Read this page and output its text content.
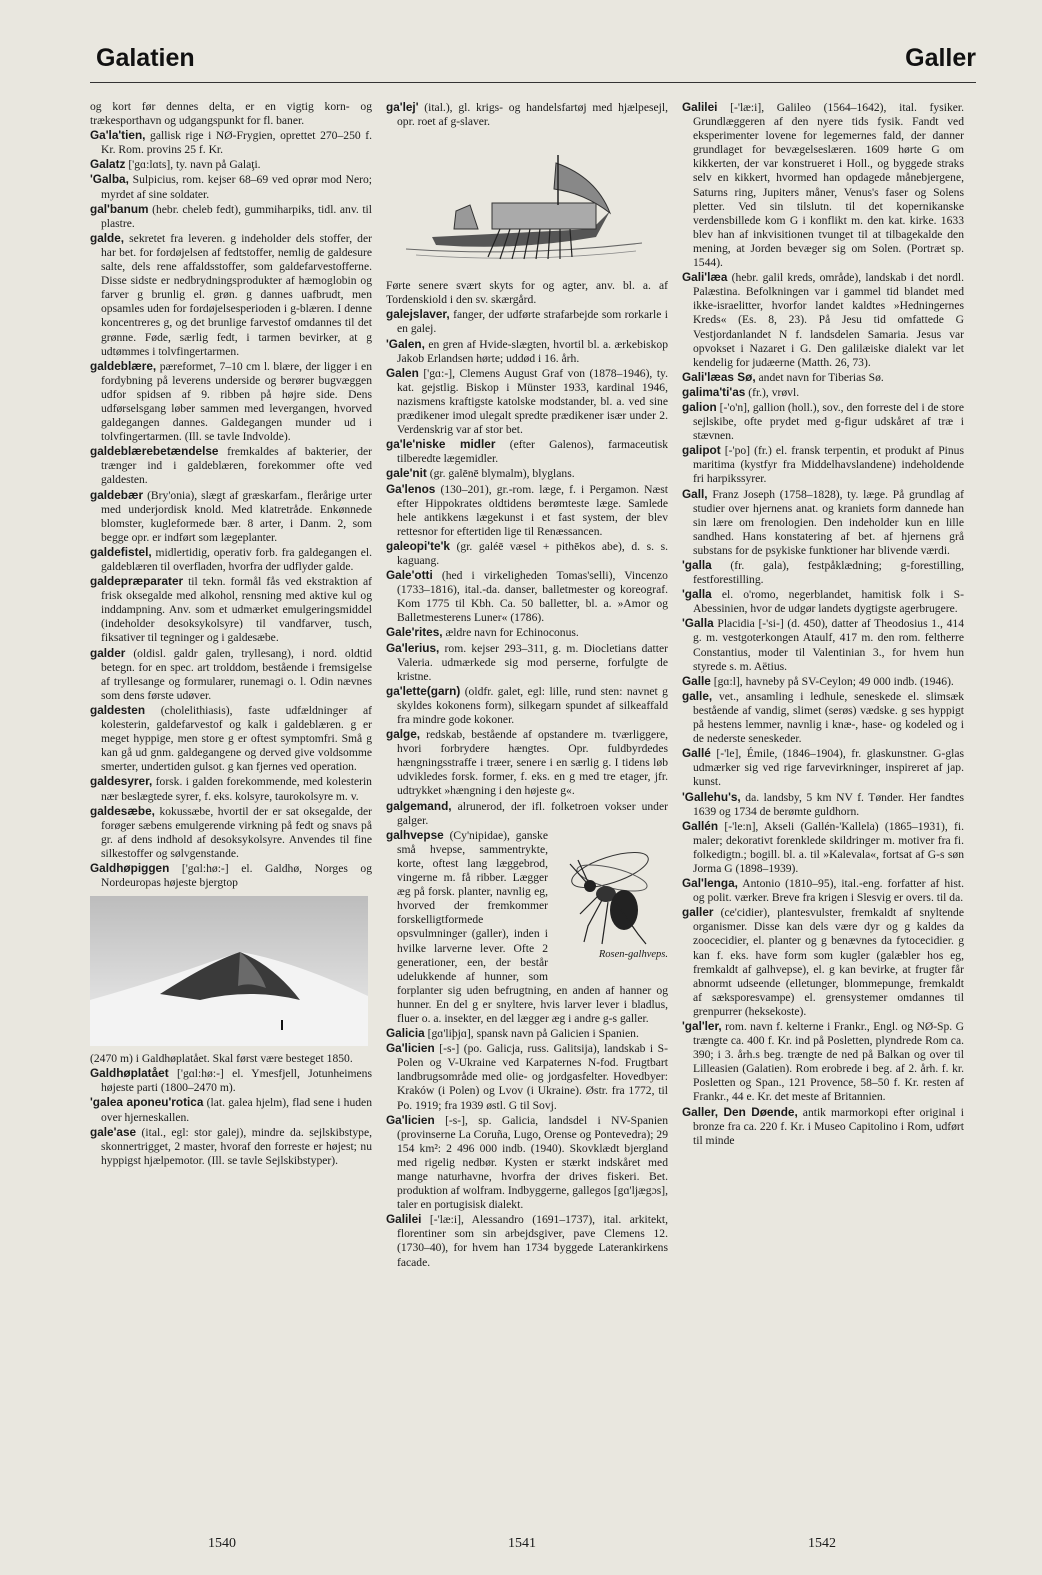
Galatien	Galler

og kort før dennes delta, er en vigtig korn- og trækesporthavn og udgangspunkt for fl. baner.

Ga'la'tien, gallisk rige i NØ-Frygien, oprettet 270–250 f. Kr. Rom. provins 25 f. Kr.

Galatz ['gɑ:lɑts], ty. navn på Galaţi.

'Galba, Sulpicius, rom. kejser 68–69 ved oprør mod Nero; myrdet af sine soldater.

gal'banum (hebr. cheleb fedt), gummiharpiks, tidl. anv. til plastre.

galde, sekretet fra leveren. g indeholder dels stoffer, der har bet. for fordøjelsen af fedtstoffer, nemlig de galdesure salte, dels rene affaldsstoffer, som galdefarvestofferne. Disse sidste er nedbrydningsprodukter af hæmoglobin og farver g brunlig el. grøn. g dannes uafbrudt, men opsamles uden for fordøjelsesperioden i g-blæren. I denne koncentreres g, og det brunlige farvestof omdannes til det grønne. Føde, særlig fedt, i tarmen bevirker, at g udtømmes i tolvfingertarmen.

galdeblære, pæreformet, 7–10 cm l. blære, der ligger i en fordybning på leverens underside og berører bugvæggen udfor spidsen af 9. ribben på højre side. Dens udførselsgang løber sammen med levergangen, hvorved galdegangen dannes. Galdegangen munder ud i tolvfingertarmen. (Ill. se tavle Indvolde).

galdeblærebetændelse fremkaldes af bakterier, der trænger ind i galdeblæren, forekommer ofte ved galdesten.

galdebær (Bry'onia), slægt af græskarfam., flerårige urter med underjordisk knold. Med klatretråde. Enkønnede blomster, kugleformede bær. 8 arter, i Danm. 2, som begge opr. er indført som lægeplanter.

galdefistel, midlertidig, operativ forb. fra galdegangen el. galdeblæren til overfladen, hvorfra der udflyder galde.

galdepræparater til tekn. formål fås ved ekstraktion af frisk oksegalde med alkohol, rensning med aktive kul og inddampning. Anv. som et udmærket emulgeringsmiddel (indeholder desoksykolsyre) til vandfarver, tusch, fiksativer til tegninger og i galdesæbe.

galder (oldisl. galdr galen, tryllesang), i nord. oldtid betegn. for en spec. art trolddom, bestående i fremsigelse af tryllesange og formularer, runemagi o. l. Odin nævnes som dens første udøver.

galdesten (cholelithiasis), faste udfældninger af kolesterin, galdefarvestof og kalk i galdeblæren. g er meget hyppige, men store g er oftest symptomfri. Små g kan gå ud gnm. galdegangene og derved give voldsomme smerter, undertiden gulsot. g kan fjernes ved operation.

galdesyrer, forsk. i galden forekommende, med kolesterin nær beslægtede syrer, f. eks. kolsyre, taurokolsyre m. v.

galdesæbe, kokussæbe, hvortil der er sat oksegalde, der forøger sæbens emulgerende virkning på fedt og snavs på gr. af dens indhold af desoksykolsyre. Anvendes til fine silkestoffer og sølvgenstande.

Galdhøpiggen ['gɑl:hø:-] el. Galdhø, Norges og Nordeuropas højeste bjergtop

(2470 m) i Galdhøplatået. Skal først være besteget 1850.

Galdhøplatået ['gɑl:hø:-] el. Ymesfjell, Jotunheimens højeste parti (1800–2470 m).

'galea aponeu'rotica (lat. galea hjelm), flad sene i huden over hjerneskallen.

gale'ase (ital., egl: stor galej), mindre da. sejlskibstype, skonnertrigget, 2 master, hvoraf den forreste er højest; nu hyppigst hjælpemotor. (Ill. se tavle Sejlskibstyper).

ga'lej' (ital.), gl. krigs- og handelsfartøj med hjælpesejl, opr. roet af g-slaver.

Førte senere svært skyts for og agter, anv. bl. a. af Tordenskiold i den sv. skærgård.

galejslaver, fanger, der udførte strafarbejde som rorkarle i en galej.

'Galen, en gren af Hvide-slægten, hvortil bl. a. ærkebiskop Jakob Erlandsen hørte; uddød i 16. årh.

Galen ['gɑ:-], Clemens August Graf von (1878–1946), ty. kat. gejstlig. Biskop i Münster 1933, kardinal 1946, nazismens kraftigste katolske modstander, bl. a. ved sine prædikener imod ulegalt spredte prædikener især under 2. Verdenskrig var af stor bet.

ga'le'niske midler (efter Galenos), farmaceutisk tilberedte lægemidler.

gale'nit (gr. galēnē blymalm), blyglans.

Ga'lenos (130–201), gr.-rom. læge, f. i Pergamon. Næst efter Hippokrates oldtidens berømteste læge. Samlede hele antikkens lægekunst i et fast system, der blev rettesnor for eftertiden lige til Renæssancen.

galeopi'te'k (gr. galéē væsel + pithēkos abe), d. s. s. kaguang.

Gale'otti (hed i virkeligheden Tomas'selli), Vincenzo (1733–1816), ital.-da. danser, balletmester og koreograf. Kom 1775 til Kbh. Ca. 50 balletter, bl. a. »Amor og Balletmesterens Luner« (1786).

Gale'rites, ældre navn for Echinoconus.

Ga'lerius, rom. kejser 293–311, g. m. Diocletians datter Valeria. udmærkede sig mod perserne, forfulgte de kristne.

ga'lette(garn) (oldfr. galet, egl: lille, rund sten: navnet g skyldes kokonens form), silkegarn spundet af silkeaffald fra mindre gode kokoner.

galge, redskab, bestående af opstandere m. tværliggere, hvori forbrydere hængtes. Opr. fuldbyrdedes hængningsstraffe i træer, senere i en særlig g. I tidens løb udvikledes forsk. former, f. eks. en g med tre etager, jfr. udtrykket »hængning i den højeste g«.

galgemand, alrunerod, der ifl. folketroen vokser under galger.

Rosen-galhveps.
galhvepse (Cy'nipidae), ganske små hvepse, sammentrykte, korte, oftest lang læggebrod, vingerne m. få ribber. Lægger æg på forsk. planter, navnlig eg, hvorved der fremkommer forskelligtformede opsvulmninger (galler), inden i hvilke larverne lever. Ofte 2 generationer, een, der består udelukkende af hunner, som forplanter sig uden befrugtning, en anden af hanner og hunner. En del g er snyltere, hvis larver lever i bladlus, fluer o. a. insekter, en del lægger æg i andre g-s galler.

Galicia [gɑ'liþjɑ], spansk navn på Galicien i Spanien.

Ga'licien [-s-] (po. Galicja, russ. Galitsija), landskab i S-Polen og V-Ukraine ved Karpaternes N-fod. Frugtbart landbrugsområde med olie- og jordgasfelter. Hovedbyer: Kraków (i Polen) og Lvov (i Ukraine). Østr. fra 1772, til Po. 1919; fra 1939 østl. G til Sovj.

Ga'licien [-s-], sp. Galicia, landsdel i NV-Spanien (provinserne La Coruña, Lugo, Orense og Pontevedra); 29 154 km²: 2 496 000 indb. (1940). Skovklædt bjergland med rigelig nedbør. Kysten er stærkt indskåret med mange naturhavne, hvorfra der drives fiskeri. Bet. produktion af wolfram. Indbyggerne, gallegos [gɑ'ljægɔs], taler en portugisisk dialekt.

Galilei [-'læ:i], Alessandro (1691–1737), ital. arkitekt, florentiner som sin arbejdsgiver, pave Clemens 12. (1730–40), for hvem han 1734 byggede Laterankirkens facade.

Galilei [-'læ:i], Galileo (1564–1642), ital. fysiker. Grundlæggeren af den nyere tids fysik. Fandt ved eksperimenter lovene for legemernes fald, der danner grundlaget for bevægelseslæren. 1609 hørte G om kikkerten, der var konstrueret i Holl., og byggede straks selv en kikkert, hvormed han opdagede månebjergene, Saturns ring, Jupiters måner, Venus's faser og Solens pletter. Ved sin tilslutn. til det kopernikanske verdensbillede kom G i konflikt m. den kat. kirke. 1633 blev han af inkvisitionen tvunget til at tilbagekalde den mening, at Jorden bevæger sig om Solen. (Portræt sp. 1544).

Gali'læa (hebr. galil kreds, område), landskab i det nordl. Palæstina. Befolkningen var i gammel tid blandet med ikke-israelitter, hvorfor landet kaldtes »Hedningernes Kreds« (Es. 8, 23). På Jesu tid omfattede G Vestjordanlandet N f. landsdelen Samaria. Jesus var opvokset i Nazaret i G. Den galilæiske dialekt var let kendelig for judæerne (Matth. 26, 73).

Gali'læas Sø, andet navn for Tiberias Sø.

galima'ti'as (fr.), vrøvl.

galion [-'o'n], gallion (holl.), sov., den forreste del i de store sejlskibe, ofte prydet med g-figur udskåret af træ i stævnen.

galipot [-'po] (fr.) el. fransk terpentin, et produkt af Pinus maritima (kystfyr fra Middelhavslandene) indeholdende fri harpikssyrer.

Gall, Franz Joseph (1758–1828), ty. læge. På grundlag af studier over hjernens anat. og kraniets form dannede han sin lære om frenologien. Den indeholder kun en lille sandhed. Hans konstatering af bet. af hjernens grå substans for de psykiske funktioner har blivende værdi.

'galla (fr. gala), festpåklædning; g-forestilling, festforestilling.

'galla el. o'romo, negerblandet, hamitisk folk i S-Abessinien, hvor de udgør landets dygtigste agerbrugere.

'Galla Placidia [-'si-] (d. 450), datter af Theodosius 1., 414 g. m. vestgoterkongen Ataulf, 417 m. den rom. feltherre Constantius, moder til Valentinian 3., for hvem hun styrede s. m. Aëtius.

Galle [gɑ:l], havneby på SV-Ceylon; 49 000 indb. (1946).

galle, vet., ansamling i ledhule, seneskede el. slimsæk bestående af vandig, slimet (serøs) vædske. g ses hyppigt på hestens lemmer, navnlig i knæ-, hase- og kodeled og i de nederste seneskeder.

Gallé [-'le], Émile, (1846–1904), fr. glaskunstner. G-glas udmærker sig ved rige farvevirkninger, inspireret af jap. kunst.

'Gallehu's, da. landsby, 5 km NV f. Tønder. Her fandtes 1639 og 1734 de berømte guldhorn.

Gallén [-'le:n], Akseli (Gallén-'Kallela) (1865–1931), fi. maler; dekorativt forenklede skildringer m. motiver fra fi. folkedigtn.; bogill. bl. a. til »Kalevala«, fortsat af G-s søn Jorma G (1898–1939).

Gal'lenga, Antonio (1810–95), ital.-eng. forfatter af hist. og polit. værker. Breve fra krigen i Slesvig er overs. til da.

galler (ce'cidier), plantesvulster, fremkaldt af snyltende organismer. Disse kan dels være dyr og g kaldes da zoocecidier, el. planter og g benævnes da fytocecidier. g kan f. eks. have form som kugler (galæbler hos eg, fremkaldt af galhvepse), el. g kan bevirke, at frugter får abnormt udseende (elletunger, blommepunge, fremkaldt af sæksporesvampe) el. grensystemer omdannes til grenpurrer (heksekoste).

'gal'ler, rom. navn f. kelterne i Frankr., Engl. og NØ-Sp. G trængte ca. 400 f. Kr. ind på Posletten, plyndrede Rom ca. 390; i 3. årh.s beg. trængte de ned på Balkan og over til Lilleasien (Galatien). Rom erobrede i beg. af 2. årh. f. kr. Posletten og Span., 121 Provence, 58–50 f. Kr. resten af Frankr., 44 e. Kr. det meste af Britannien.

Galler, Den Døende, antik marmorkopi efter original i bronze fra ca. 220 f. Kr. i Museo Capitolino i Rom, udført til minde

1540	1541	1542
